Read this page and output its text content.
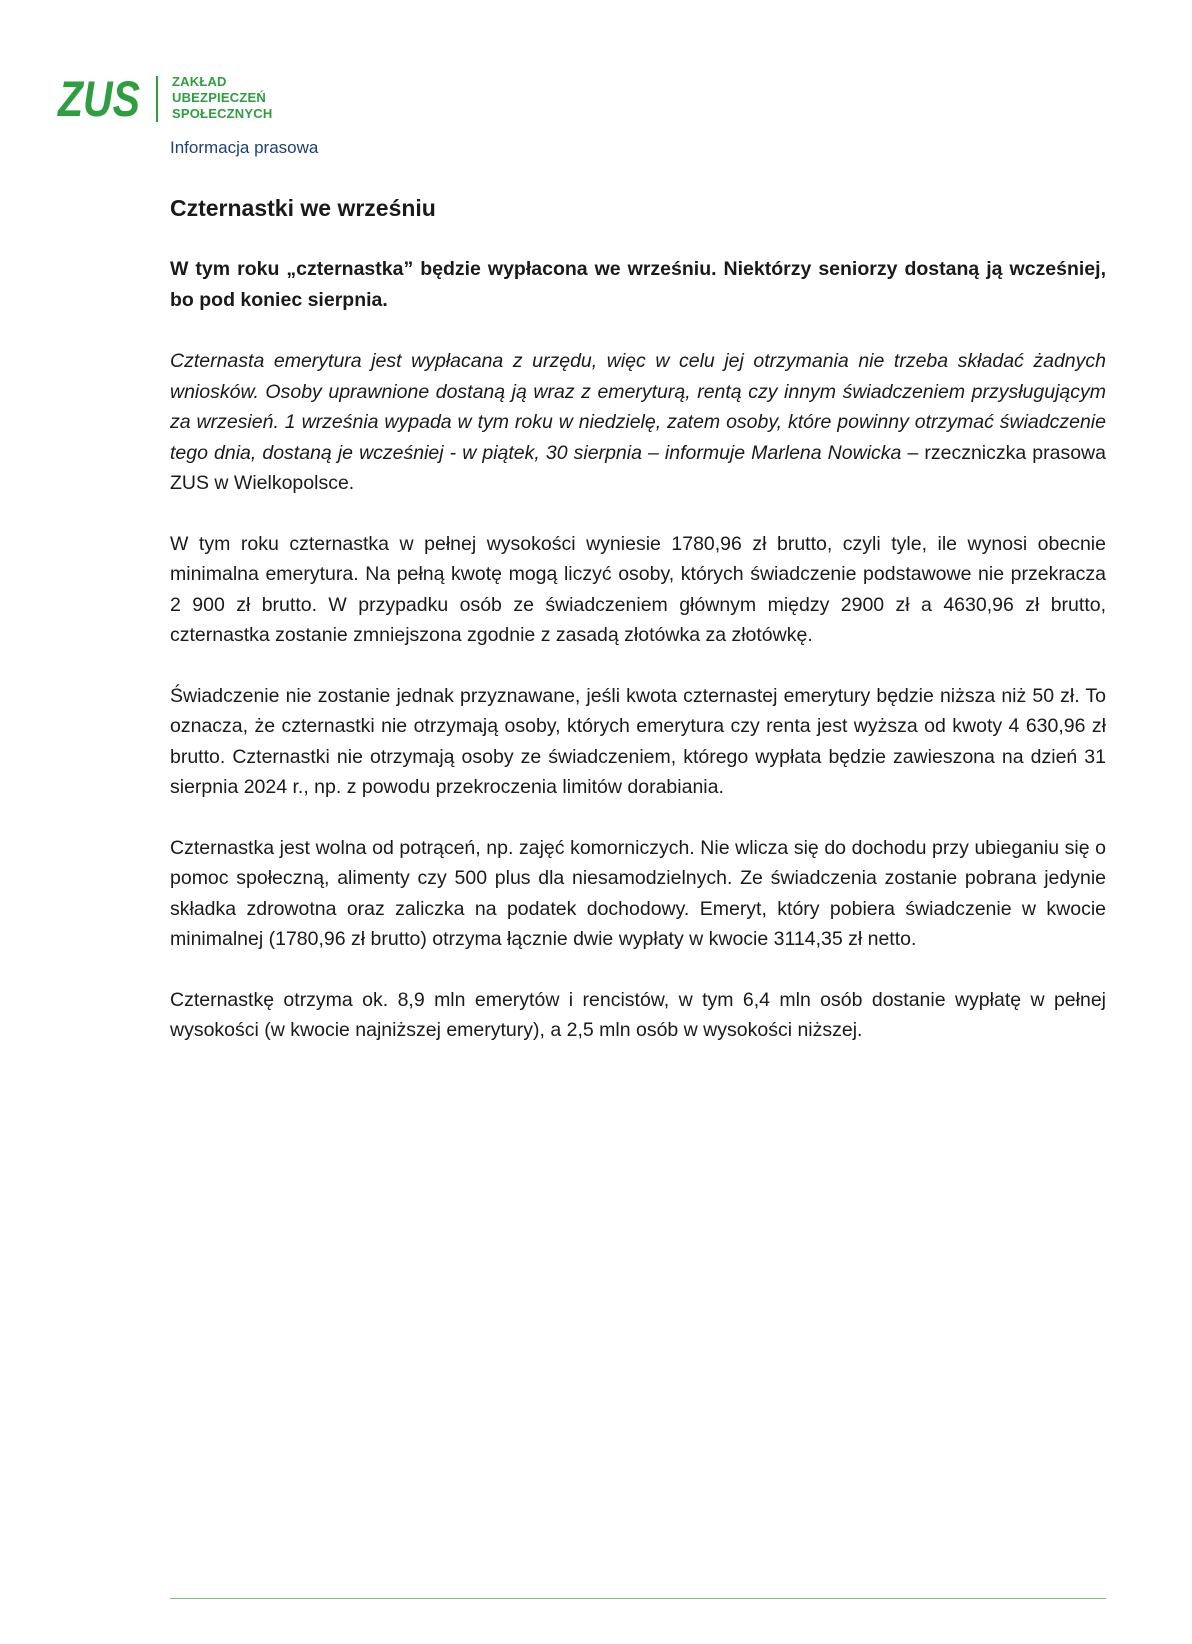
ZUS ZAKŁAD
UBEZPIECZEŃ
SPOŁECZNYCH
Informacja prasowa
Czternastki we wrześniu

W tym roku „czternastka” będzie wypłacona we wrześniu. Niektórzy seniorzy dostaną ją wcześniej, bo pod koniec sierpnia.

Czternasta emerytura jest wypłacana z urzędu, więc w celu jej otrzymania nie trzeba składać żadnych wniosków. Osoby uprawnione dostaną ją wraz z emeryturą, rentą czy innym świadczeniem przysługującym za wrzesień. 1 września wypada w tym roku w niedzielę, zatem osoby, które powinny otrzymać świadczenie tego dnia, dostaną je wcześniej - w piątek, 30 sierpnia – informuje Marlena Nowicka – rzeczniczka prasowa ZUS w Wielkopolsce.

W tym roku czternastka w pełnej wysokości wyniesie 1780,96 zł brutto, czyli tyle, ile wynosi obecnie minimalna emerytura. Na pełną kwotę mogą liczyć osoby, których świadczenie podstawowe nie przekracza 2 900 zł brutto. W przypadku osób ze świadczeniem głównym między 2900 zł a 4630,96 zł brutto, czternastka zostanie zmniejszona zgodnie z zasadą złotówka za złotówkę.

Świadczenie nie zostanie jednak przyznawane, jeśli kwota czternastej emerytury będzie niższa niż 50 zł. To oznacza, że czternastki nie otrzymają osoby, których emerytura czy renta jest wyższa od kwoty 4 630,96 zł brutto. Czternastki nie otrzymają osoby ze świadczeniem, którego wypłata będzie zawieszona na dzień 31 sierpnia 2024 r., np. z powodu przekroczenia limitów dorabiania.

Czternastka jest wolna od potrąceń, np. zajęć komorniczych. Nie wlicza się do dochodu przy ubieganiu się o pomoc społeczną, alimenty czy 500 plus dla niesamodzielnych. Ze świadczenia zostanie pobrana jedynie składka zdrowotna oraz zaliczka na podatek dochodowy. Emeryt, który pobiera świadczenie w kwocie minimalnej (1780,96 zł brutto) otrzyma łącznie dwie wypłaty w kwocie 3114,35 zł netto.

Czternastkę otrzyma ok. 8,9 mln emerytów i rencistów, w tym 6,4 mln osób dostanie wypłatę w pełnej wysokości (w kwocie najniższej emerytury), a 2,5 mln osób w wysokości niższej.
